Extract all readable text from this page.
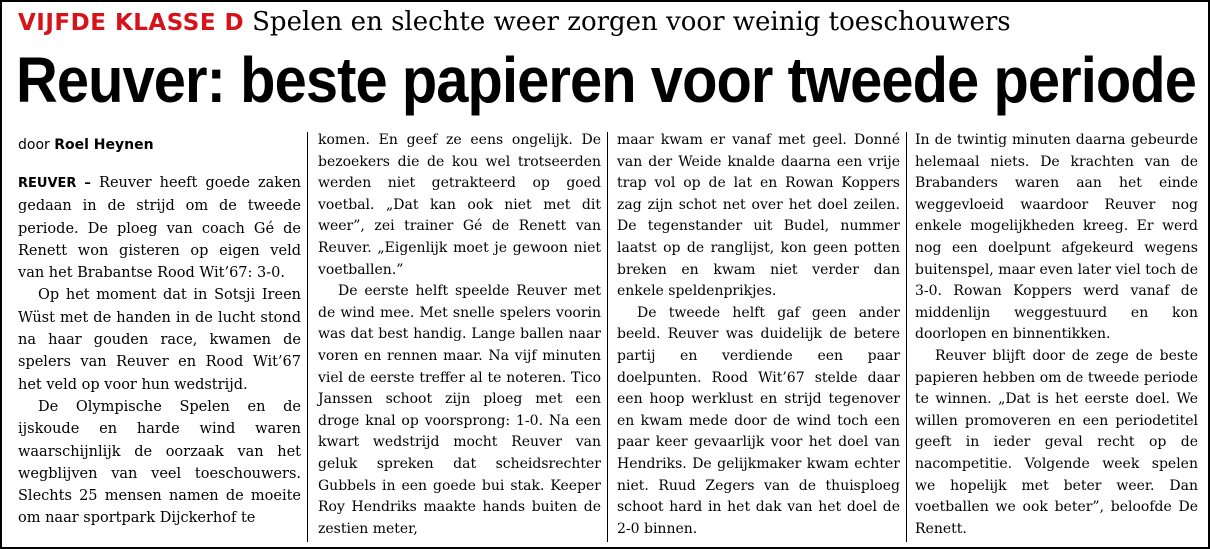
VIJFDE KLASSE D Spelen en slechte weer zorgen voor weinig toeschouwers
Reuver: beste papieren voor tweede periode
door Roel Heynen

REUVER – Reuver heeft goede zaken gedaan in de strijd om de tweede periode. De ploeg van coach Gé de Renett won gisteren op eigen veld van het Brabantse Rood Wit’67: 3-0.

Op het moment dat in Sotsji Ireen Wüst met de handen in de lucht stond na haar gouden race, kwamen de spelers van Reuver en Rood Wit’67 het veld op voor hun wedstrijd.

De Olympische Spelen en de ijskoude en harde wind waren waarschijnlijk de oorzaak van het wegblijven van veel toeschouwers. Slechts 25 mensen namen de moeite om naar sportpark Dijckerhof te

komen. En geef ze eens ongelijk. De bezoekers die de kou wel trotseerden werden niet getrakteerd op goed voetbal. „Dat kan ook niet met dit weer”, zei trainer Gé de Renett van Reuver. „Eigenlijk moet je gewoon niet voetballen.”

De eerste helft speelde Reuver met de wind mee. Met snelle spelers voorin was dat best handig. Lange ballen naar voren en rennen maar. Na vijf minuten viel de eerste treffer al te noteren. Tico Janssen schoot zijn ploeg met een droge knal op voorsprong: 1-0. Na een kwart wedstrijd mocht Reuver van geluk spreken dat scheidsrechter Gubbels in een goede bui stak. Keeper Roy Hendriks maakte hands buiten de zestien meter,

maar kwam er vanaf met geel. Donné van der Weide knalde daarna een vrije trap vol op de lat en Rowan Koppers zag zijn schot net over het doel zeilen. De tegenstander uit Budel, nummer laatst op de ranglijst, kon geen potten breken en kwam niet verder dan enkele speldenprikjes.

De tweede helft gaf geen ander beeld. Reuver was duidelijk de betere partij en verdiende een paar doelpunten. Rood Wit’67 stelde daar een hoop werklust en strijd tegenover en kwam mede door de wind toch een paar keer gevaarlijk voor het doel van Hendriks. De gelijkmaker kwam echter niet. Ruud Zegers van de thuisploeg schoot hard in het dak van het doel de 2-0 binnen.

In de twintig minuten daarna gebeurde helemaal niets. De krachten van de Brabanders waren aan het einde weggevloeid waardoor Reuver nog enkele mogelijkheden kreeg. Er werd nog een doelpunt afgekeurd wegens buitenspel, maar even later viel toch de 3-0. Rowan Koppers werd vanaf de middenlijn weggestuurd en kon doorlopen en binnentikken.

Reuver blijft door de zege de beste papieren hebben om de tweede periode te winnen. „Dat is het eerste doel. We willen promoveren en een periodetitel geeft in ieder geval recht op de nacompetitie. Volgende week spelen we hopelijk met beter weer. Dan voetballen we ook beter”, beloofde De Renett.
